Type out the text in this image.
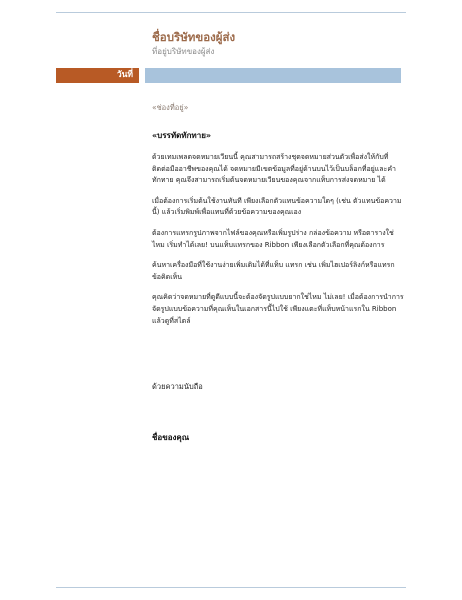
ชื่อบริษัทของผู้ส่ง
ที่อยู่บริษัทของผู้ส่ง
วันที่
«ช่องที่อยู่»
«บรรทัดทักทาย»

ด้วยเทมเพลตจดหมายเวียนนี้ คุณสามารถสร้างชุดจดหมายส่วนตัวเพื่อส่งให้กับที่ติดต่อมืออาชีพของคุณได้ จดหมายมีเขตข้อมูลที่อยู่ด้านบนไว้เป็นบล็อกที่อยู่และคำทักทาย คุณจึงสามารถเริ่มต้นจดหมายเวียนของคุณจากแท็บการส่งจดหมาย ได้

เมื่อต้องการเริ่มต้นใช้งานทันที เพียงเลือกตัวแทนข้อความใดๆ (เช่น ตัวแทนข้อความนี้) แล้วเริ่มพิมพ์เพื่อแทนที่ด้วยข้อความของคุณเอง

ต้องการแทรกรูปภาพจากไฟล์ของคุณหรือเพิ่มรูปร่าง กล่องข้อความ หรือตารางใช่ไหม เริ่มทำได้เลย! บนแท็บแทรกของ Ribbon เพียงเลือกตัวเลือกที่คุณต้องการ

ค้นหาเครื่องมือที่ใช้งานง่ายเพิ่มเติมได้ที่แท็บ แทรก เช่น เพิ่มไฮเปอร์ลิงก์หรือแทรกข้อคิดเห็น

คุณคิดว่าจดหมายที่ดูดีแบบนี้จะต้องจัดรูปแบบยากใช่ไหม ไม่เลย! เมื่อต้องการนำการจัดรูปแบบข้อความที่คุณเห็นในเอกสารนี้ไปใช้ เพียงแตะที่แท็บหน้าแรกใน Ribbon แล้วดูที่สไตล์

ด้วยความนับถือ
ชื่อของคุณ
